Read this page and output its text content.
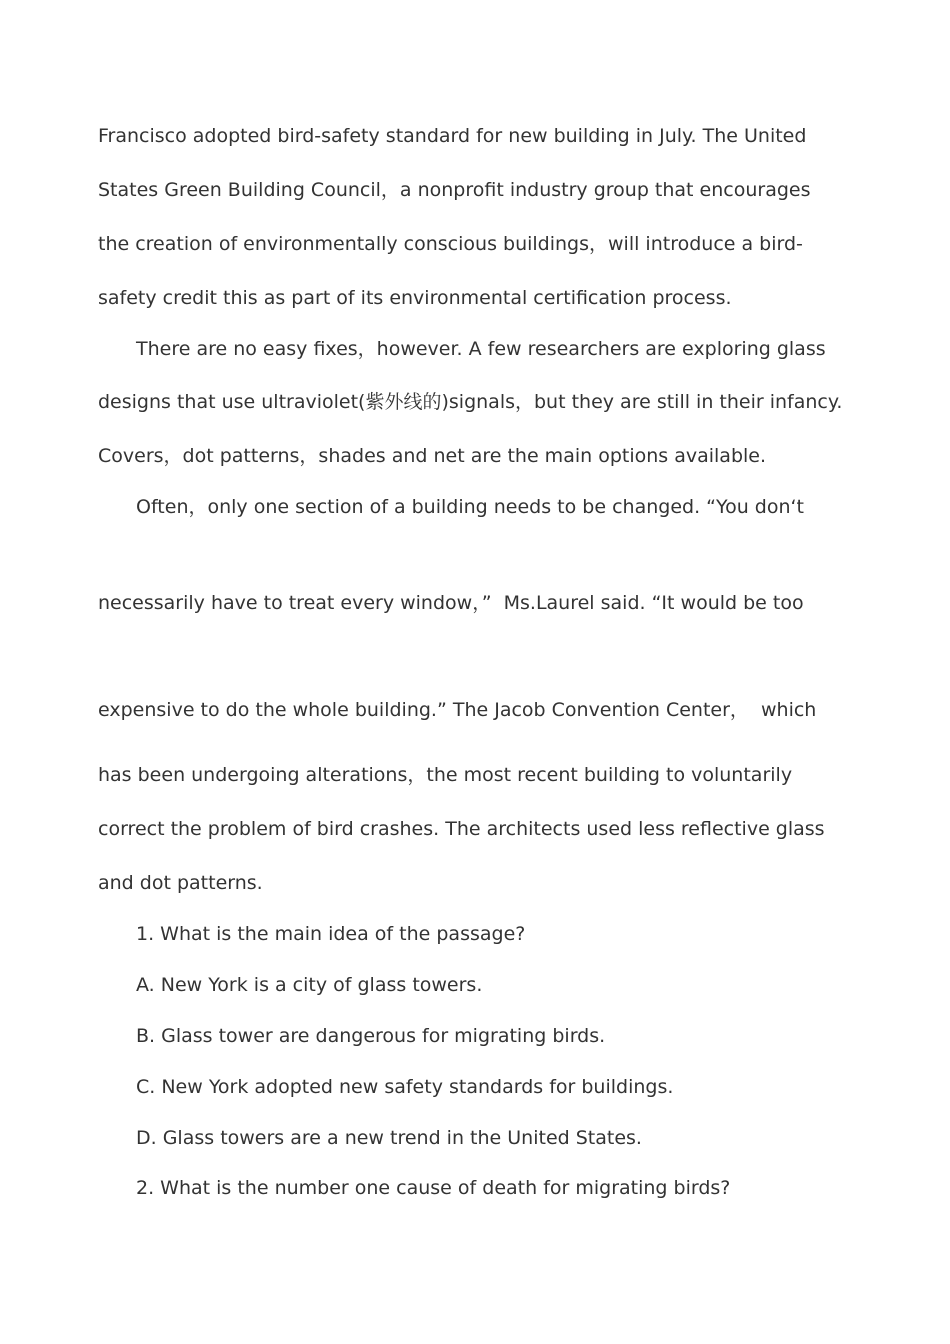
Francisco adopted bird-safety standard for new building in July. The United

States Green Building Council，a nonprofit industry group that encourages

the creation of environmentally conscious buildings，will introduce a bird-

safety credit this as part of its environmental certification process.

There are no easy fixes，however. A few researchers are exploring glass

designs that use ultraviolet(紫外线的)signals，but they are still in their infancy.

Covers，dot patterns，shades and net are the main options available.

Often，only one section of a building needs to be changed. “You don‘t

necessarily have to treat every window，”  Ms.Laurel said. “It would be too

expensive to do the whole building.” The Jacob Convention Center，  which

has been undergoing alterations，the most recent building to voluntarily

correct the problem of bird crashes. The architects used less reflective glass

and dot patterns.

1. What is the main idea of the passage?

A. New York is a city of glass towers.

B. Glass tower are dangerous for migrating birds.

C. New York adopted new safety standards for buildings.

D. Glass towers are a new trend in the United States.

2. What is the number one cause of death for migrating birds?
